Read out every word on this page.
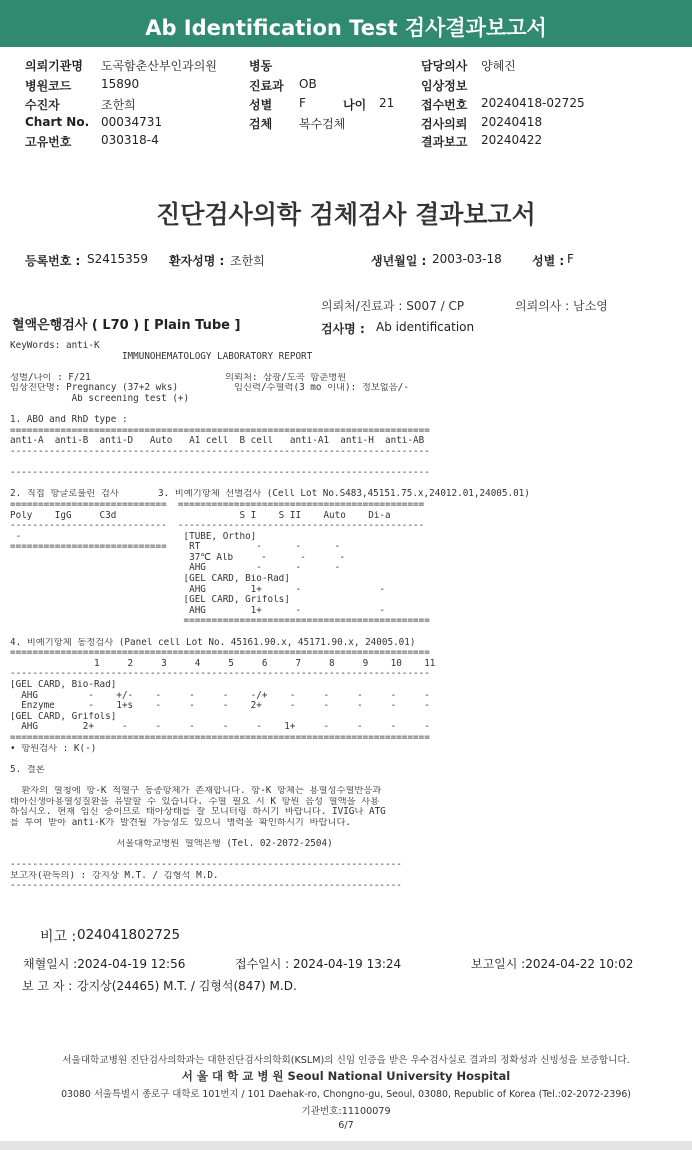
Ab Identification Test 검사결과보고서
의뢰기관명 도곡함춘산부인과의원
병원코드 15890
수진자	조한희
Chart No. 00034731
고유번호 030318-4
병동
진료과 OB
성별 F	나이 21
검체 복수검체
담당의사 양혜진
임상정보
접수번호 20240418-02725
검사의뢰 20240418
결과보고 20240422
진단검사의학 검체검사 결과보고서
등록번호 : S2415359 환자성명 : 조한희	생년월일 : 2003-03-18	성별 : F
의뢰처/진료과 : S007 / CP	의뢰의사 : 남소영
혈액은행검사 ( L70 ) [ Plain Tube ]	검사명 : Ab identification
KeyWords: anti-K
IMMUNOHEMATOLOGY LABORATORY REPORT
성별/나이 : F/21                        의뢰처: 삼광/도곡 함춘병원
임상진단명: Pregnancy (37+2 wks)          임신력/수혈력(3 mo 이내): 정보없음/-
Ab screening test (+)
1. ABO and RhD type :
===========================================================================
anti-A  anti-B  anti-D   Auto   A1 cell  B cell   anti-A1  anti-H  anti-AB
---------------------------------------------------------------------------
---------------------------------------------------------------------------
2. 직접 항글로불린 검사       3. 비예기항체 선별검사 (Cell Lot No.S483,45151.75.x,24012.01,24005.01)
============================  ============================================
Poly    IgG     C3d                      S I    S II    Auto    Di-a
----------------------------  --------------------------------------------
-                             [TUBE, Ortho]
============================    RT          -      -      -
37℃ Alb     -      -      -
AHG         -      -      -
[GEL CARD, Bio-Rad]
AHG        1+      -              -
[GEL CARD, Grifols]
AHG        1+      -              -
============================================
4. 비예기항체 동정검사 (Panel cell Lot No. 45161.90.x, 45171.90.x, 24005.01)
===========================================================================
1     2     3     4     5     6     7     8     9    10    11
---------------------------------------------------------------------------
[GEL CARD, Bio-Rad]
AHG         -    +/-    -     -     -    -/+    -     -     -     -     -
Enzyme      -    1+s    -     -     -    2+     -     -     -     -     -
[GEL CARD, Grifols]
AHG        2+     -     -     -     -     -    1+     -     -     -     -
===========================================================================
• 항원검사 : K(-)
5. 결론
환자의 혈청에 항-K 적혈구 동종항체가 존재합니다. 항-K 항체는 용혈성수혈반응과
태아신생아용혈성질환을 유발할 수 있습니다. 수혈 필요 시 K 항원 음성 혈액을 사용
하십시오. 현재 임신 중이므로 태아상태를 잘 모니터링 하시기 바랍니다. IVIG나 ATG
를 투여 받아 anti-K가 발견될 가능성도 있으니 병력을 확인하시기 바랍니다.
서울대학교병원 혈액은행 (Tel. 02-2072-2504)
----------------------------------------------------------------------
보고자(판독의) : 강지상 M.T. / 김형석 M.D.
----------------------------------------------------------------------
비고 : 024041802725
채혈일시 :2024-04-19 12:56	접수일시 : 2024-04-19 13:24	보고일시 :2024-04-22 10:02
보 고 자 : 강지상(24465) M.T. / 김형석(847) M.D.
서울대학교병원 진단검사의학과는 대한진단검사의학회(KSLM)의 신임 인증을 받은 우수검사실로 결과의 정확성과 신빙성을 보증합니다.
서 울 대 학 교 병 원 Seoul National University Hospital
03080 서울특별시 종로구 대학로 101번지 / 101 Daehak-ro, Chongno-gu, Seoul, 03080, Republic of Korea (Tel.:02-2072-2396)
기관번호:11100079
6/7
